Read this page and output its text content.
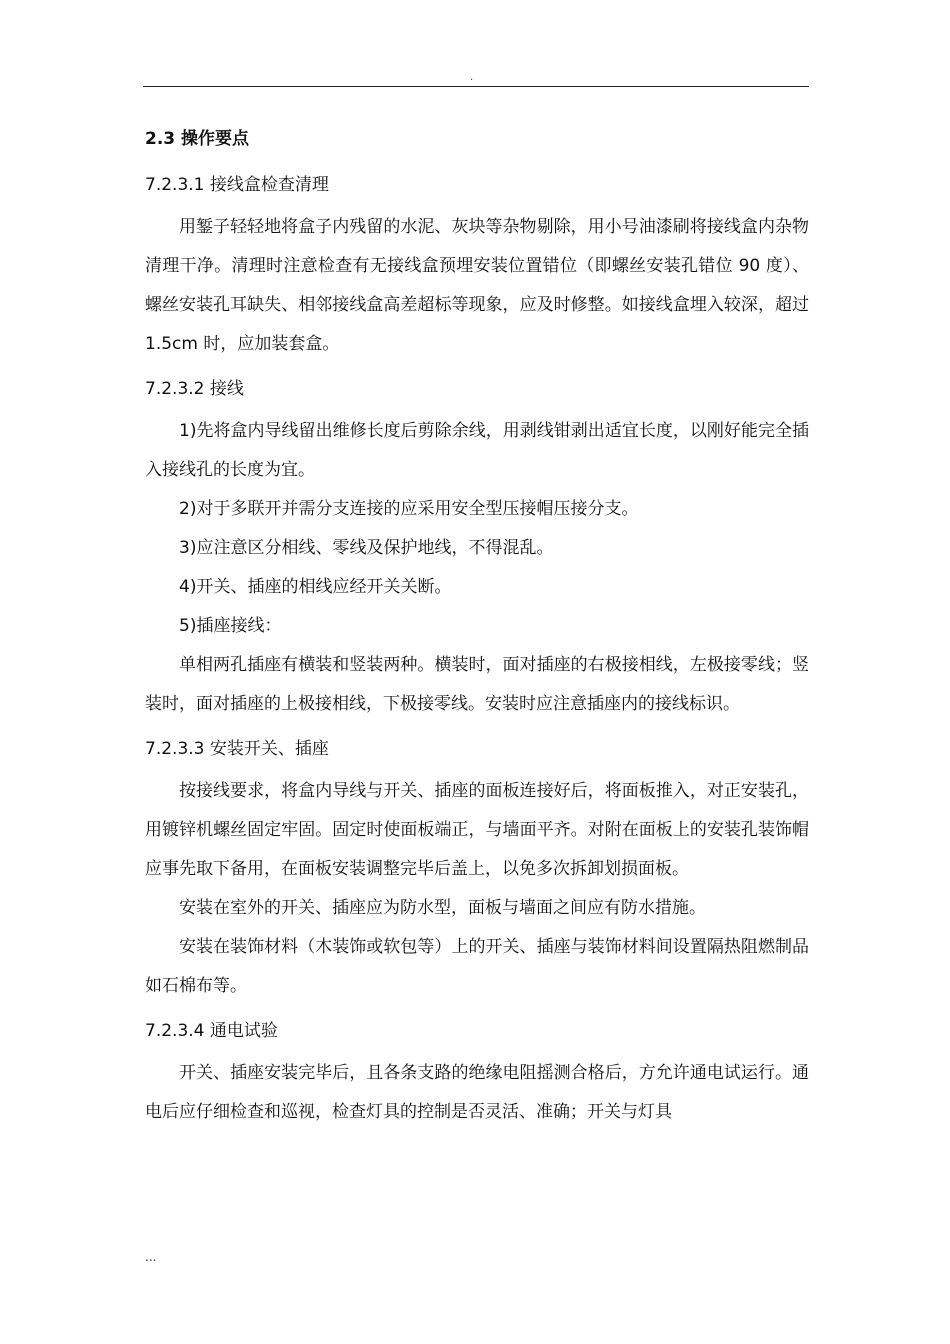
.
2.3 操作要点
7.2.3.1 接线盒检查清理

用錾子轻轻地将盒子内残留的水泥、灰块等杂物剔除，用小号油漆刷将接线盒内杂物清理干净。清理时注意检查有无接线盒预埋安装位置错位（即螺丝安装孔错位 90 度）、螺丝安装孔耳缺失、相邻接线盒高差超标等现象，应及时修整。如接线盒埋入较深，超过 1.5cm 时，应加装套盒。

7.2.3.2 接线

1)先将盒内导线留出维修长度后剪除余线，用剥线钳剥出适宜长度，以刚好能完全插入接线孔的长度为宜。

2)对于多联开并需分支连接的应采用安全型压接帽压接分支。

3)应注意区分相线、零线及保护地线，不得混乱。

4)开关、插座的相线应经开关关断。

5)插座接线：

单相两孔插座有横装和竖装两种。横装时，面对插座的右极接相线，左极接零线；竖装时，面对插座的上极接相线，下极接零线。安装时应注意插座内的接线标识。

7.2.3.3 安装开关、插座

按接线要求，将盒内导线与开关、插座的面板连接好后，将面板推入，对正安装孔，用镀锌机螺丝固定牢固。固定时使面板端正，与墙面平齐。对附在面板上的安装孔装饰帽应事先取下备用，在面板安装调整完毕后盖上，以免多次拆卸划损面板。

安装在室外的开关、插座应为防水型，面板与墙面之间应有防水措施。

安装在装饰材料（木装饰或软包等）上的开关、插座与装饰材料间设置隔热阻燃制品如石棉布等。

7.2.3.4 通电试验

开关、插座安装完毕后，且各条支路的绝缘电阻摇测合格后，方允许通电试运行。通电后应仔细检查和巡视，检查灯具的控制是否灵活、准确；开关与灯具

...
